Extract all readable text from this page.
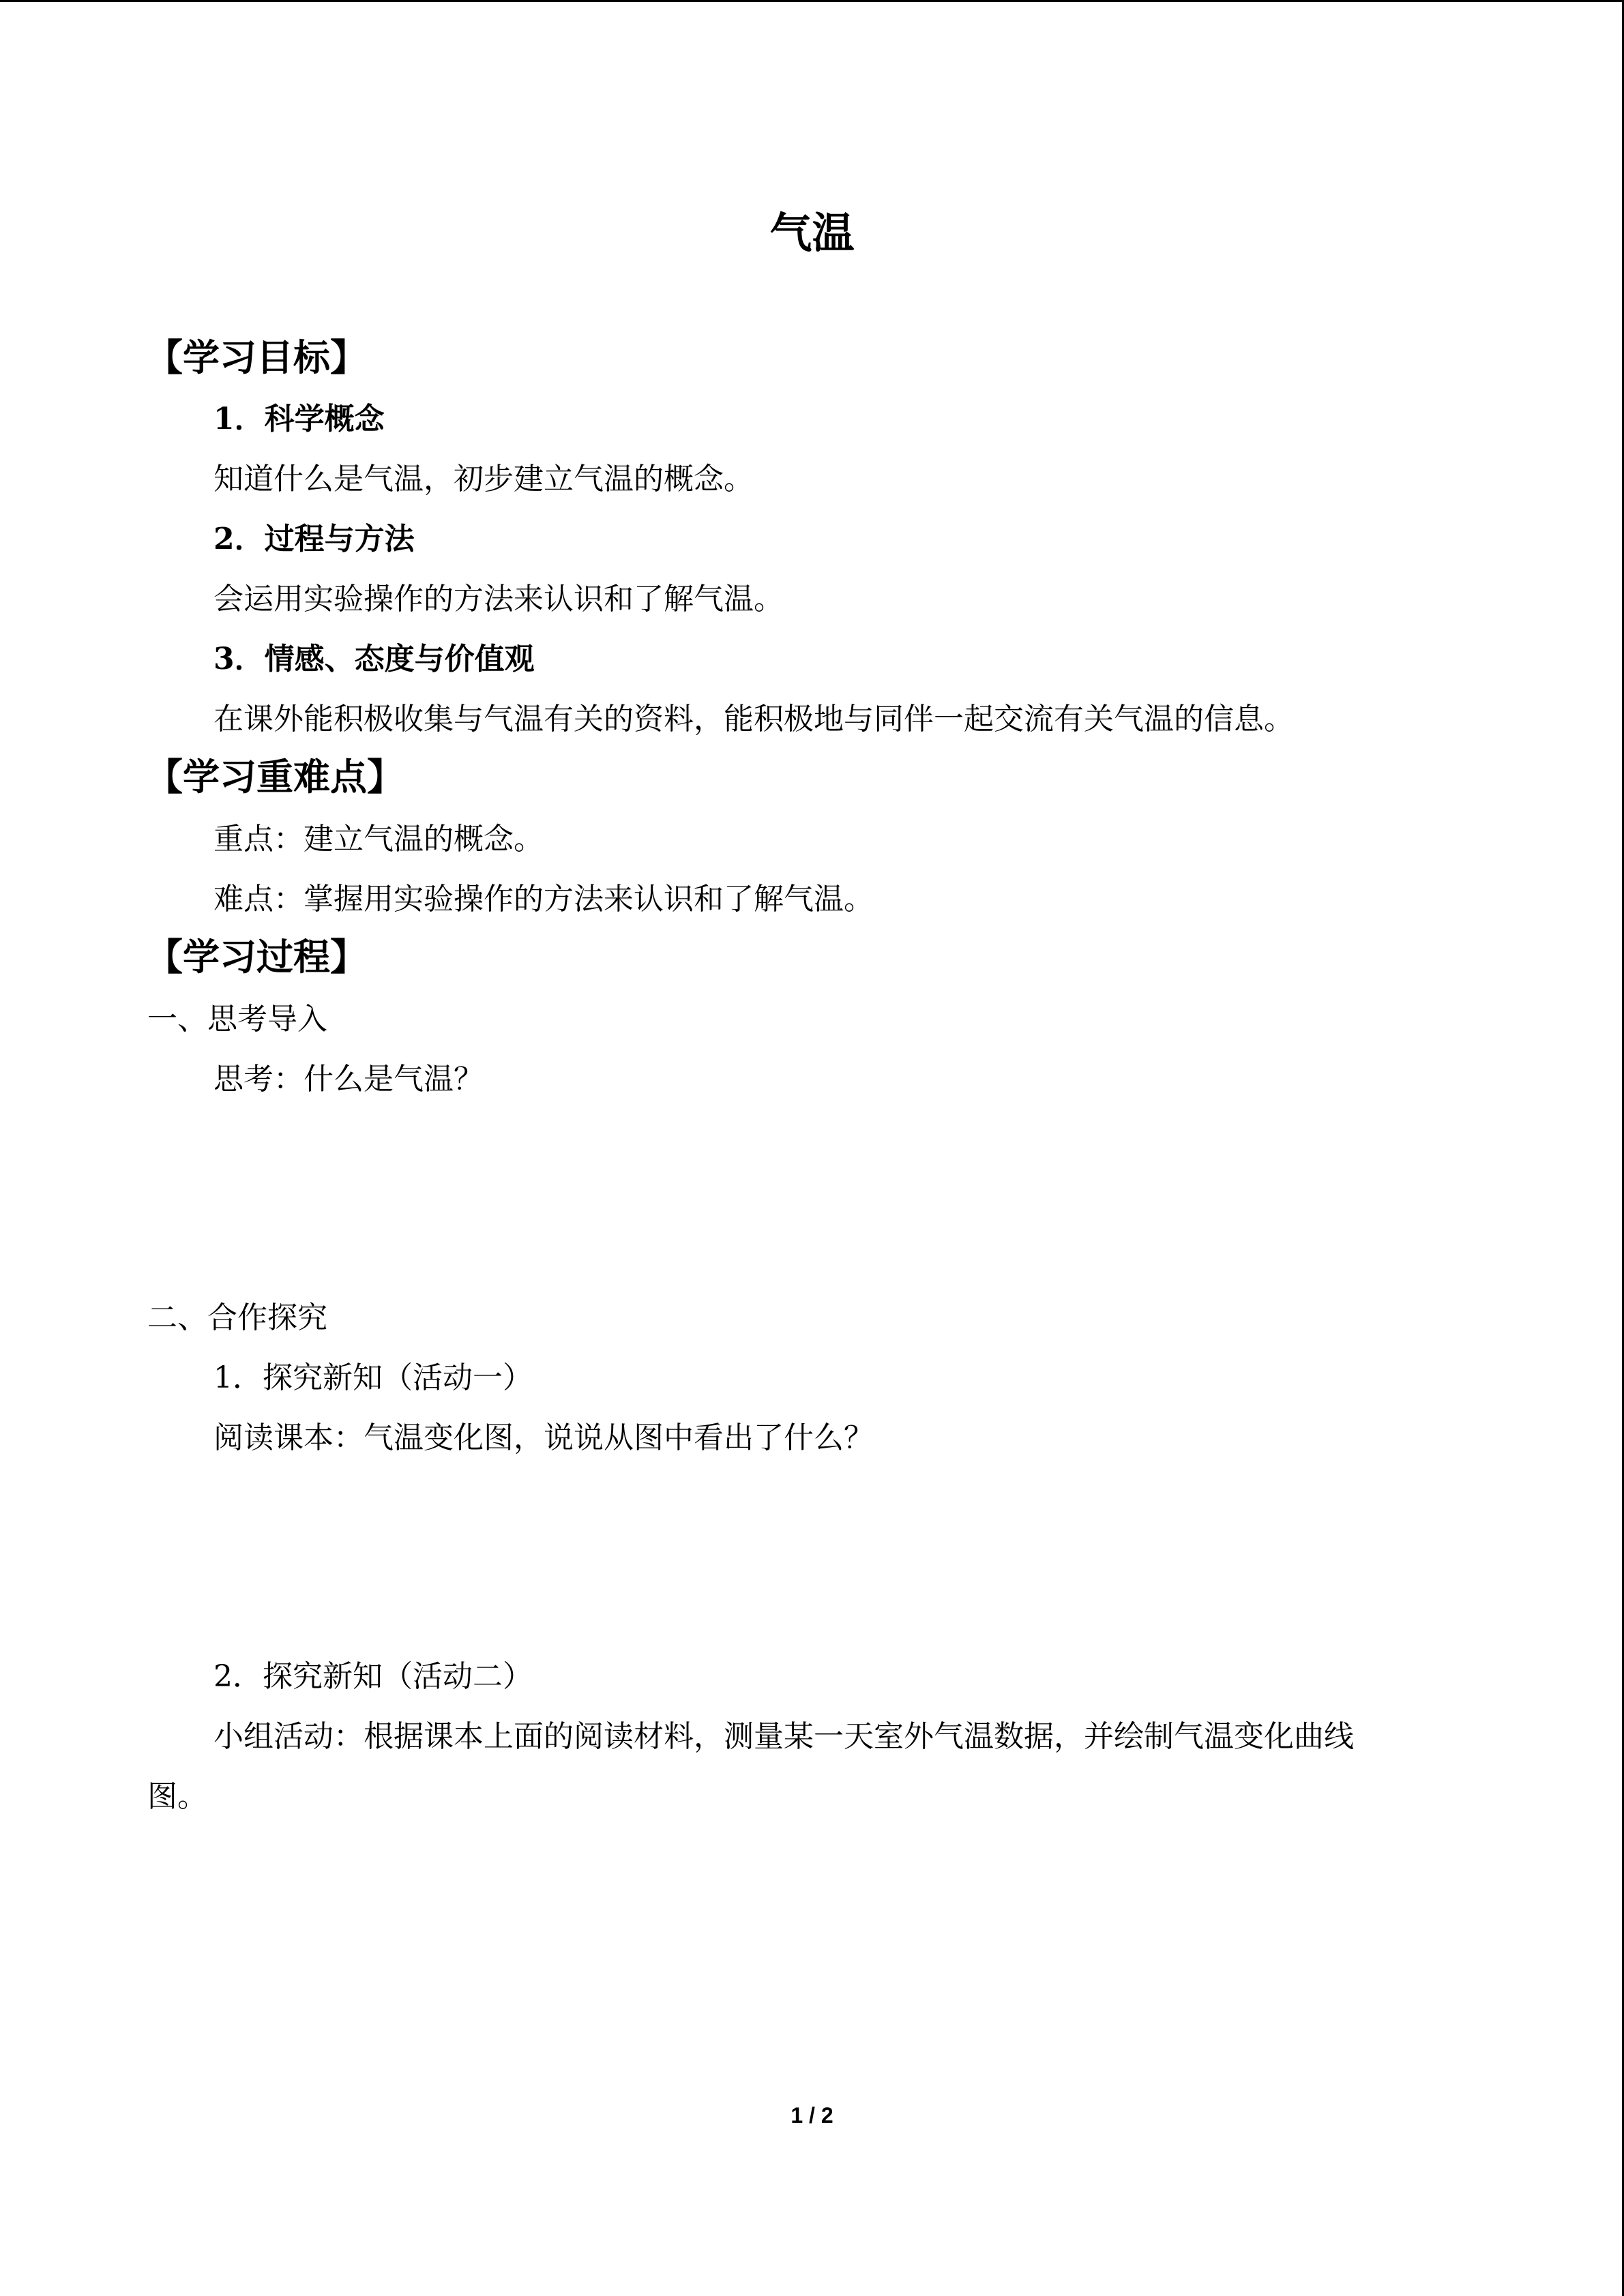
气温
【学习目标】
1．科学概念
知道什么是气温，初步建立气温的概念。
2．过程与方法
会运用实验操作的方法来认识和了解气温。
3．情感、态度与价值观
在课外能积极收集与气温有关的资料，能积极地与同伴一起交流有关气温的信息。
【学习重难点】
重点：建立气温的概念。
难点：掌握用实验操作的方法来认识和了解气温。
【学习过程】
一、思考导入
思考：什么是气温？
二、合作探究
1．探究新知（活动一）
阅读课本：气温变化图，说说从图中看出了什么？
2．探究新知（活动二）
小组活动：根据课本上面的阅读材料，测量某一天室外气温数据，并绘制气温变化曲线
图。
1 / 2
